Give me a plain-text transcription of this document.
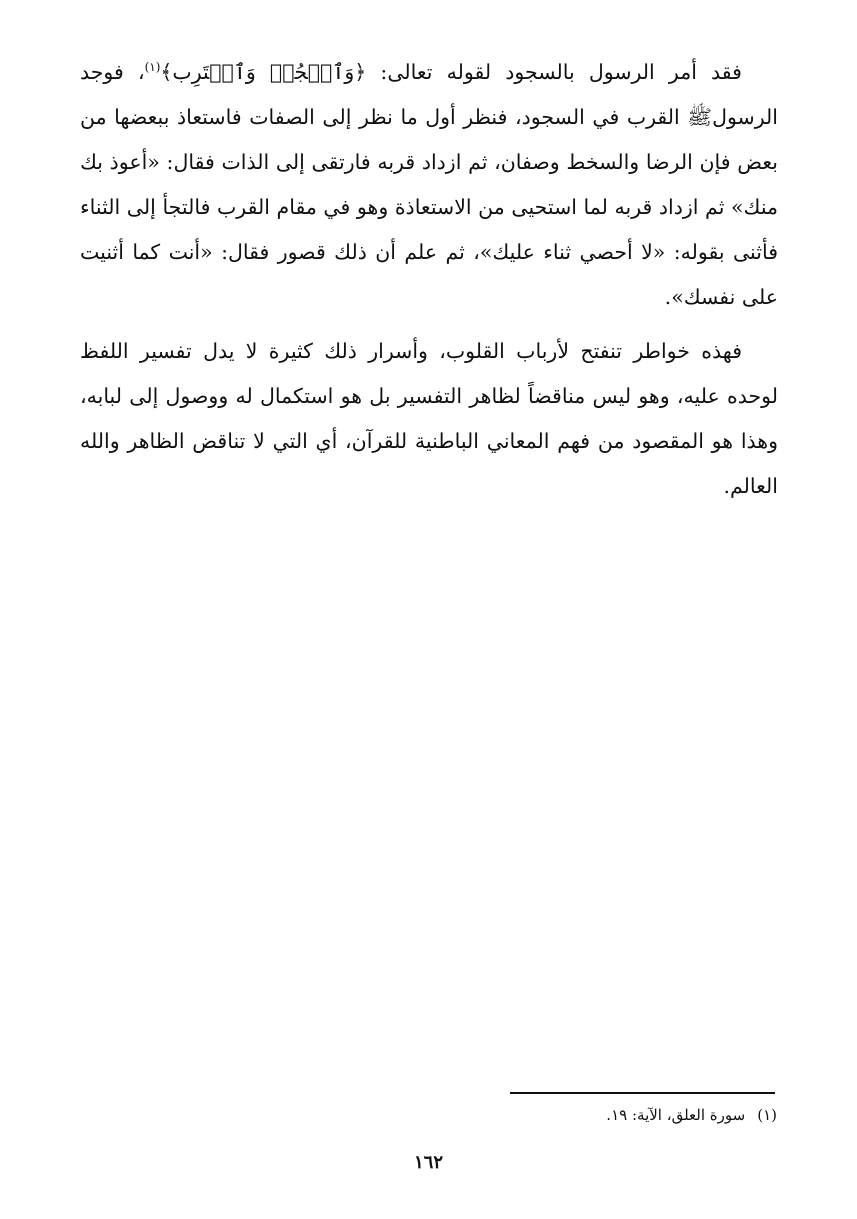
فقد أمر الرسول بالسجود لقوله تعالى: ﴿وَٱسۡجُدۡ وَٱقۡتَرِب﴾$^{(١)}$، فوجد الرسولﷺ القرب في السجود، فنظر أول ما نظر إلى الصفات فاستعاذ ببعضها من بعض فإن الرضا والسخط وصفان، ثم ازداد قربه فارتقى إلى الذات فقال: «أعوذ بك منك» ثم ازداد قربه لما استحيى من الاستعاذة وهو في مقام القرب فالتجأ إلى الثناء فأثنى بقوله: «لا أحصي ثناء عليك»، ثم علم أن ذلك قصور فقال: «أنت كما أثنيت على نفسك».

فهذه خواطر تنفتح لأرباب القلوب، وأسرار ذلك كثيرة لا يدل تفسير اللفظ لوحده عليه، وهو ليس مناقضاً لظاهر التفسير بل هو استكمال له ووصول إلى لبابه، وهذا هو المقصود من فهم المعاني الباطنية للقرآن، أي التي لا تناقض الظاهر والله العالم.

(١)سورة العلق، الآية: ١٩.
١٦٢
